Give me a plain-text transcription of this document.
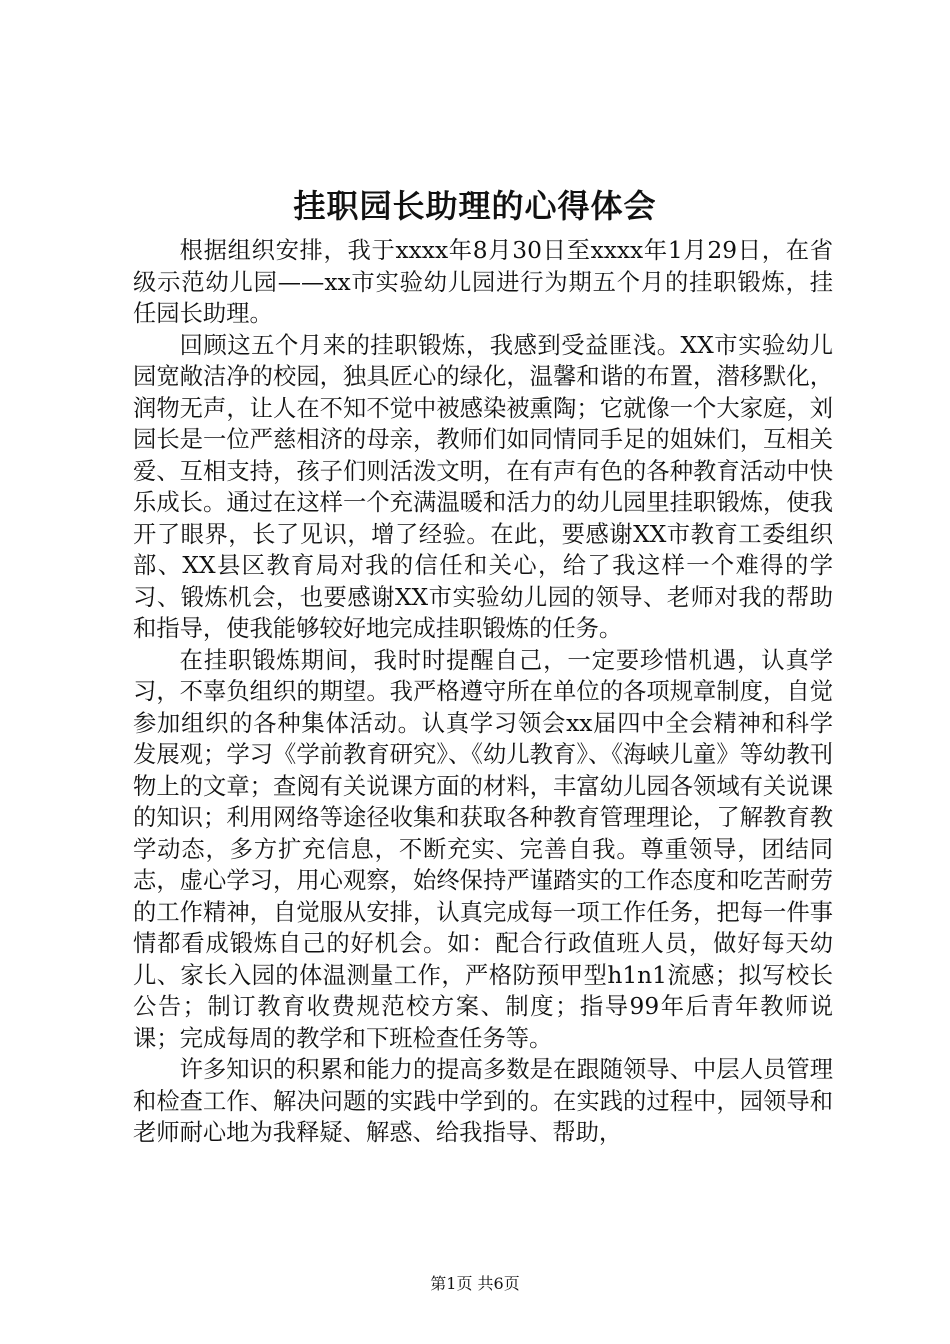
挂职园长助理的心得体会

根据组织安排，我于xxxx年8月30日至xxxx年1月29日，在省级示范幼儿园——xx市实验幼儿园进行为期五个月的挂职锻炼，挂任园长助理。

回顾这五个月来的挂职锻炼，我感到受益匪浅。XX市实验幼儿园宽敞洁净的校园，独具匠心的绿化，温馨和谐的布置，潜移默化，润物无声，让人在不知不觉中被感染被熏陶；它就像一个大家庭，刘园长是一位严慈相济的母亲，教师们如同情同手足的姐妹们，互相关爱、互相支持，孩子们则活泼文明，在有声有色的各种教育活动中快乐成长。通过在这样一个充满温暖和活力的幼儿园里挂职锻炼，使我开了眼界，长了见识，增了经验。在此，要感谢XX市教育工委组织部、XX县区教育局对我的信任和关心，给了我这样一个难得的学习、锻炼机会，也要感谢XX市实验幼儿园的领导、老师对我的帮助和指导，使我能够较好地完成挂职锻炼的任务。

在挂职锻炼期间，我时时提醒自己，一定要珍惜机遇，认真学习，不辜负组织的期望。我严格遵守所在单位的各项规章制度，自觉参加组织的各种集体活动。认真学习领会xx届四中全会精神和科学发展观；学习《学前教育研究》、《幼儿教育》、《海峡儿童》等幼教刊物上的文章；查阅有关说课方面的材料，丰富幼儿园各领域有关说课的知识；利用网络等途径收集和获取各种教育管理理论，了解教育教学动态，多方扩充信息，不断充实、完善自我。尊重领导，团结同志，虚心学习，用心观察，始终保持严谨踏实的工作态度和吃苦耐劳的工作精神，自觉服从安排，认真完成每一项工作任务，把每一件事情都看成锻炼自己的好机会。如：配合行政值班人员，做好每天幼儿、家长入园的体温测量工作，严格防预甲型h1n1流感；拟写校长公告；制订教育收费规范校方案、制度；指导99年后青年教师说课；完成每周的教学和下班检查任务等。

许多知识的积累和能力的提高多数是在跟随领导、中层人员管理和检查工作、解决问题的实践中学到的。在实践的过程中，园领导和老师耐心地为我释疑、解惑、给我指导、帮助，

第1页 共6页
